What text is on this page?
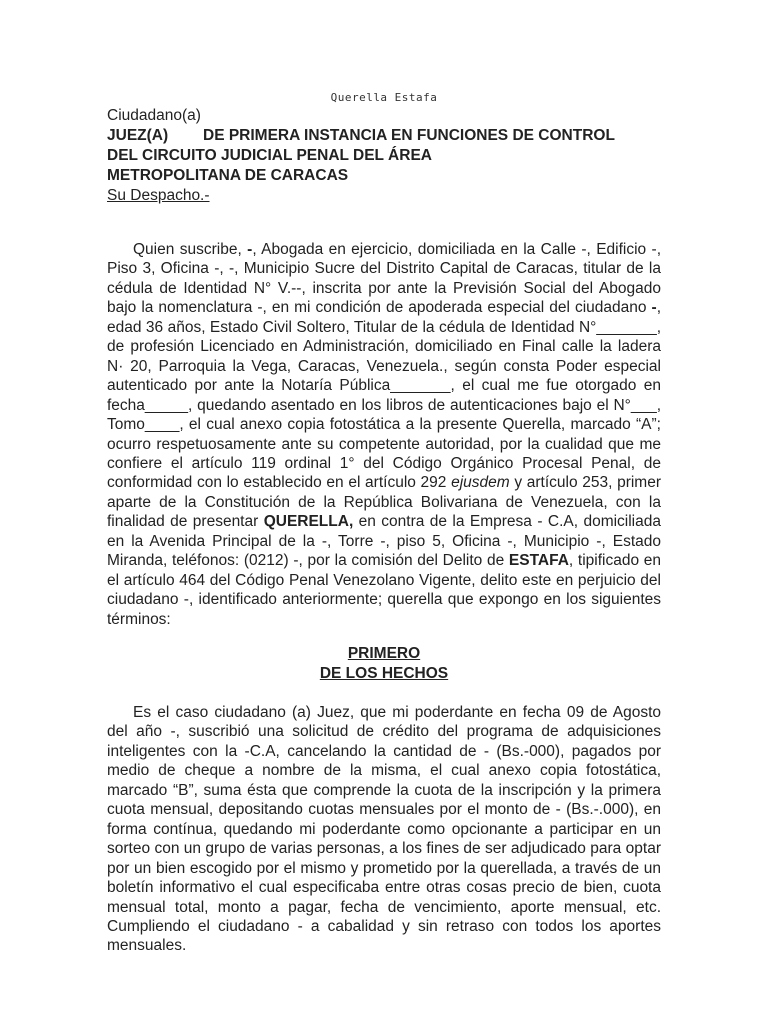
Querella Estafa
Ciudadano(a)
JUEZ(A) DE PRIMERA INSTANCIA EN FUNCIONES DE CONTROL
DEL CIRCUITO JUDICIAL PENAL DEL ÁREA
METROPOLITANA DE CARACAS
Su Despacho.-

Quien suscribe, -, Abogada en ejercicio, domiciliada en la Calle -, Edificio -, Piso 3, Oficina -, -, Municipio Sucre del Distrito Capital de Caracas, titular de la cédula de Identidad N° V.--, inscrita por ante la Previsión Social del Abogado bajo la nomenclatura -, en mi condición de apoderada especial del ciudadano -, edad 36 años, Estado Civil Soltero, Titular de la cédula de Identidad N°_______, de profesión Licenciado en Administración, domiciliado en Final calle la ladera N· 20, Parroquia la Vega, Caracas, Venezuela., según consta Poder especial autenticado por ante la Notaría Pública_______, el cual me fue otorgado en fecha_____, quedando asentado en los libros de autenticaciones bajo el N°___, Tomo____, el cual anexo copia fotostática a la presente Querella, marcado “A”; ocurro respetuosamente ante su competente autoridad, por la cualidad que me confiere el artículo 119 ordinal 1° del Código Orgánico Procesal Penal, de conformidad con lo establecido en el artículo 292 ejusdem y artículo 253, primer aparte de la Constitución de la República Bolivariana de Venezuela, con la finalidad de presentar QUERELLA, en contra de la Empresa - C.A, domiciliada en la Avenida Principal de la -, Torre -, piso 5, Oficina -, Municipio -, Estado Miranda, teléfonos: (0212) -, por la comisión del Delito de ESTAFA, tipificado en el artículo 464 del Código Penal Venezolano Vigente, delito este en perjuicio del ciudadano -, identificado anteriormente; querella que expongo en los siguientes términos:

PRIMERO
DE LOS HECHOS

Es el caso ciudadano (a) Juez, que mi poderdante en fecha 09 de Agosto del año -, suscribió una solicitud de crédito del programa de adquisiciones inteligentes con la -C.A, cancelando la cantidad de - (Bs.-000), pagados por medio de cheque a nombre de la misma, el cual anexo copia fotostática, marcado “B”, suma ésta que comprende la cuota de la inscripción y la primera cuota mensual, depositando cuotas mensuales por el monto de - (Bs.-.000), en forma contínua, quedando mi poderdante como opcionante a participar en un sorteo con un grupo de varias personas, a los fines de ser adjudicado para optar por un bien escogido por el mismo y prometido por la querellada, a través de un boletín informativo el cual especificaba entre otras cosas precio de bien, cuota mensual total, monto a pagar, fecha de vencimiento, aporte mensual, etc. Cumpliendo el ciudadano - a cabalidad y sin retraso con todos los aportes mensuales.
